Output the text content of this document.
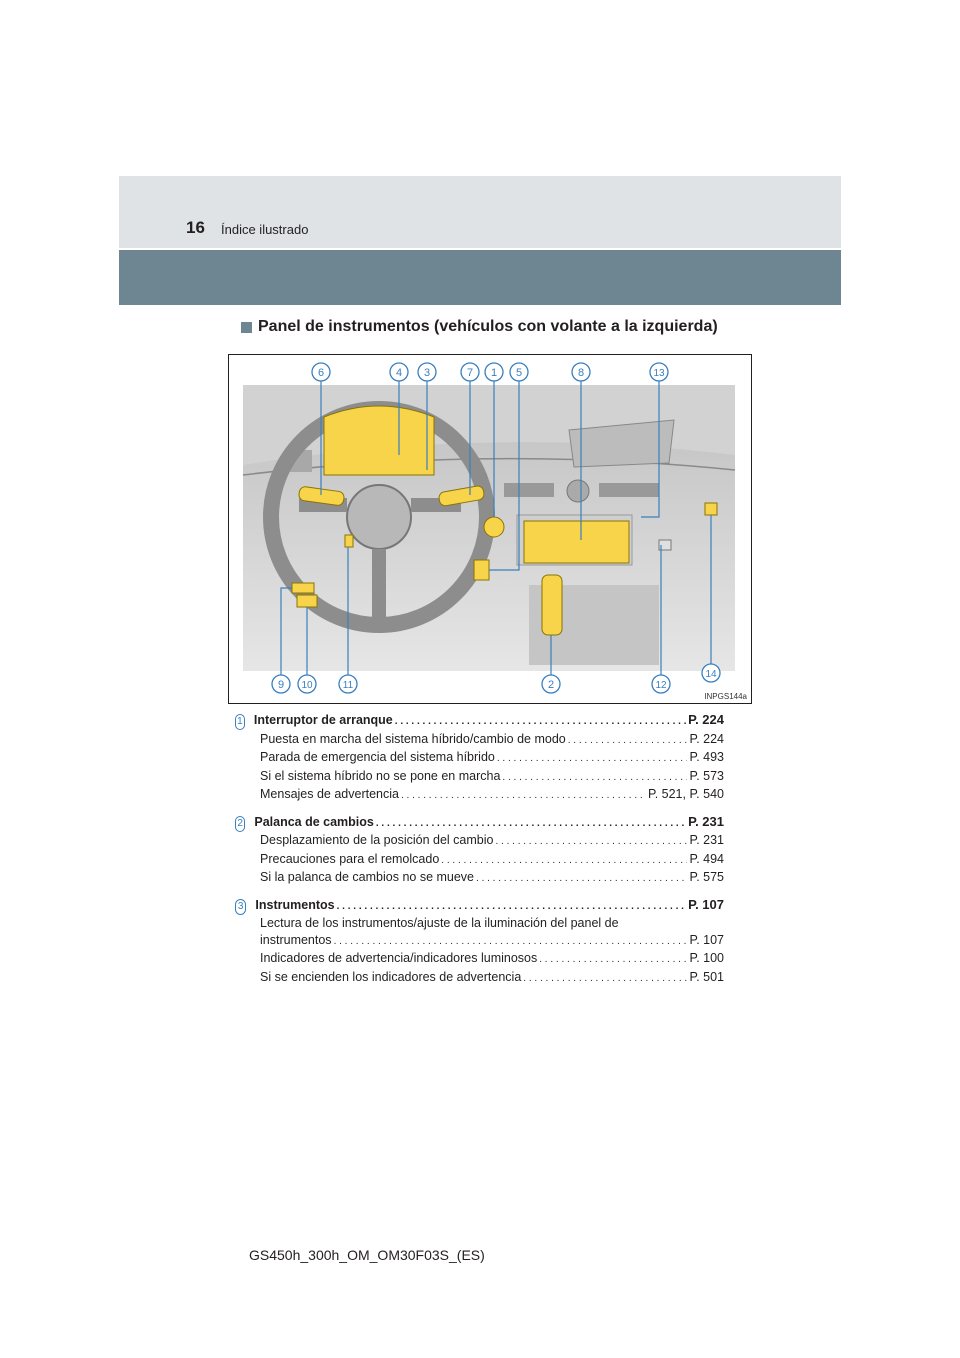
16 Índice ilustrado
Panel de instrumentos (vehículos con volante a la izquierda)
6	4 3	7 1 5	8	13
9 10	11	2	12
14
INPGS144a
1 Interruptor de arranque . . .	P. 224
Puesta en marcha del sistema híbrido/cambio de modo . . .	P. 224
Parada de emergencia del sistema híbrido . . .	P. 493
Si el sistema híbrido no se pone en marcha . . .	P. 573
Mensajes de advertencia . . .	P. 521, P. 540
2 Palanca de cambios . . .	P. 231
Desplazamiento de la posición del cambio . . .	P. 231
Precauciones para el remolcado . . .	P. 494
Si la palanca de cambios no se mueve . . .	P. 575
3 Instrumentos . . .	P. 107
Lectura de los instrumentos/ajuste de la iluminación del panel de
instrumentos . . .	P. 107
Indicadores de advertencia/indicadores luminosos . . .	P. 100
Si se encienden los indicadores de advertencia . . .	P. 501
GS450h_300h_OM_OM30F03S_(ES)
